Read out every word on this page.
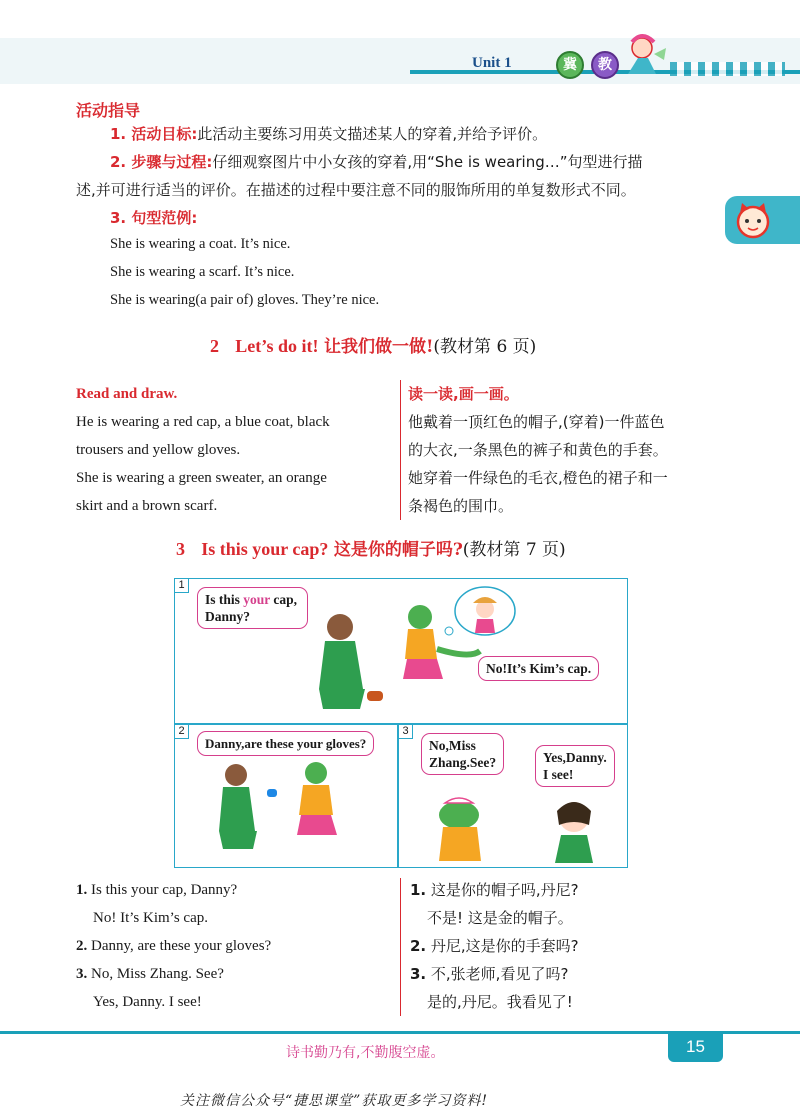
Unit 1	冀	教
活动指导
1. 活动目标:此活动主要练习用英文描述某人的穿着,并给予评价。
2. 步骤与过程:仔细观察图片中小女孩的穿着,用“She is wearing…”句型进行描
述,并可进行适当的评价。在描述的过程中要注意不同的服饰所用的单复数形式不同。
3. 句型范例:
She is wearing a coat. It’s nice.
She is wearing a scarf. It’s nice.
She is wearing(a pair of) gloves. They’re nice.
2 Let’s do it! 让我们做一做!(教材第 6 页)
Read and draw.
He is wearing a red cap, a blue coat, black
trousers and yellow gloves.
She is wearing a green sweater, an orange
skirt and a brown scarf.
读一读,画一画。
他戴着一顶红色的帽子,(穿着)一件蓝色
的大衣,一条黑色的裤子和黄色的手套。
她穿着一件绿色的毛衣,橙色的裙子和一
条褐色的围巾。
3 Is this your cap? 这是你的帽子吗?(教材第 7 页)
1
Is this your cap,
Danny?
No!It’s Kim’s cap.
2
Danny,are these your gloves?
3
No,Miss
Zhang.See?	Yes,Danny.
I see!
1. Is this your cap, Danny?
No! It’s Kim’s cap.
2. Danny, are these your gloves?
3. No, Miss Zhang. See?
Yes, Danny. I see!
1. 这是你的帽子吗,丹尼?
不是! 这是金的帽子。
2. 丹尼,这是你的手套吗?
3. 不,张老师,看见了吗?
是的,丹尼。我看见了!
诗书勤乃有,不勤腹空虚。	15
关注微信公众号“捷思课堂”获取更多学习资料!
